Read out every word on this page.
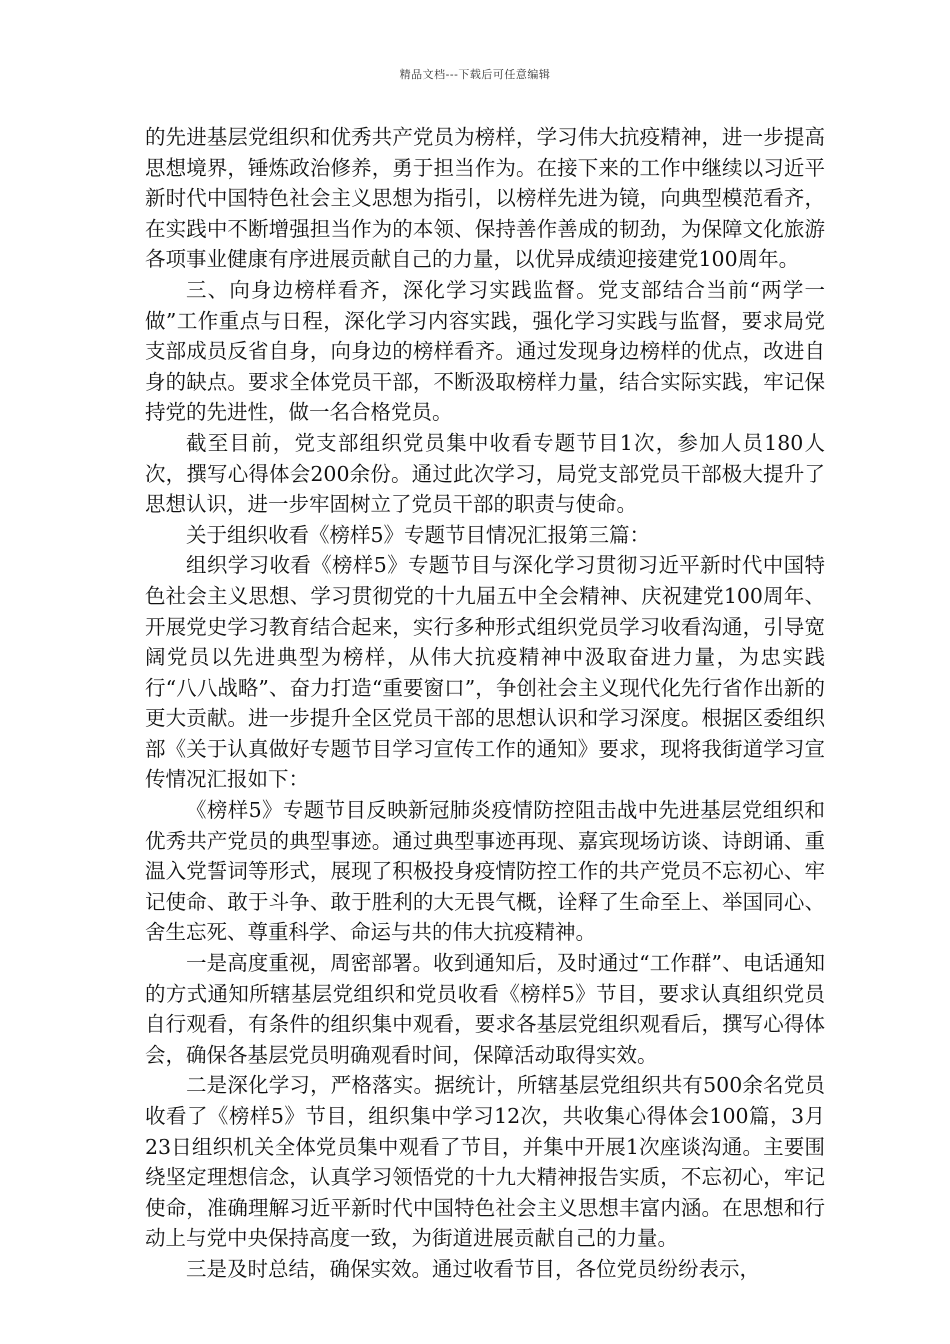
精品文档---下载后可任意编辑

的先进基层党组织和优秀共产党员为榜样，学习伟大抗疫精神，进一步提高思想境界，锤炼政治修养，勇于担当作为。在接下来的工作中继续以习近平新时代中国特色社会主义思想为指引，以榜样先进为镜，向典型模范看齐，在实践中不断增强担当作为的本领、保持善作善成的韧劲，为保障文化旅游各项事业健康有序进展贡献自己的力量，以优异成绩迎接建党100周年。

三、向身边榜样看齐，深化学习实践监督。党支部结合当前“两学一做”工作重点与日程，深化学习内容实践，强化学习实践与监督，要求局党支部成员反省自身，向身边的榜样看齐。通过发现身边榜样的优点，改进自身的缺点。要求全体党员干部，不断汲取榜样力量，结合实际实践，牢记保持党的先进性，做一名合格党员。

截至目前，党支部组织党员集中收看专题节目1次，参加人员180人次，撰写心得体会200余份。通过此次学习，局党支部党员干部极大提升了思想认识，进一步牢固树立了党员干部的职责与使命。

关于组织收看《榜样5》专题节目情况汇报第三篇：

组织学习收看《榜样5》专题节目与深化学习贯彻习近平新时代中国特色社会主义思想、学习贯彻党的十九届五中全会精神、庆祝建党100周年、开展党史学习教育结合起来，实行多种形式组织党员学习收看沟通，引导宽阔党员以先进典型为榜样，从伟大抗疫精神中汲取奋进力量，为忠实践行“八八战略”、奋力打造“重要窗口”，争创社会主义现代化先行省作出新的更大贡献。进一步提升全区党员干部的思想认识和学习深度。根据区委组织部《关于认真做好专题节目学习宣传工作的通知》要求，现将我街道学习宣传情况汇报如下：

《榜样5》专题节目反映新冠肺炎疫情防控阻击战中先进基层党组织和优秀共产党员的典型事迹。通过典型事迹再现、嘉宾现场访谈、诗朗诵、重温入党誓词等形式，展现了积极投身疫情防控工作的共产党员不忘初心、牢记使命、敢于斗争、敢于胜利的大无畏气概，诠释了生命至上、举国同心、舍生忘死、尊重科学、命运与共的伟大抗疫精神。

一是高度重视，周密部署。收到通知后，及时通过“工作群”、电话通知的方式通知所辖基层党组织和党员收看《榜样5》节目，要求认真组织党员自行观看，有条件的组织集中观看，要求各基层党组织观看后，撰写心得体会，确保各基层党员明确观看时间，保障活动取得实效。

二是深化学习，严格落实。据统计，所辖基层党组织共有500余名党员收看了《榜样5》节目，组织集中学习12次，共收集心得体会100篇，3月23日组织机关全体党员集中观看了节目，并集中开展1次座谈沟通。主要围绕坚定理想信念，认真学习领悟党的十九大精神报告实质，不忘初心，牢记使命，准确理解习近平新时代中国特色社会主义思想丰富内涵。在思想和行动上与党中央保持高度一致，为街道进展贡献自己的力量。

三是及时总结，确保实效。通过收看节目，各位党员纷纷表示，
